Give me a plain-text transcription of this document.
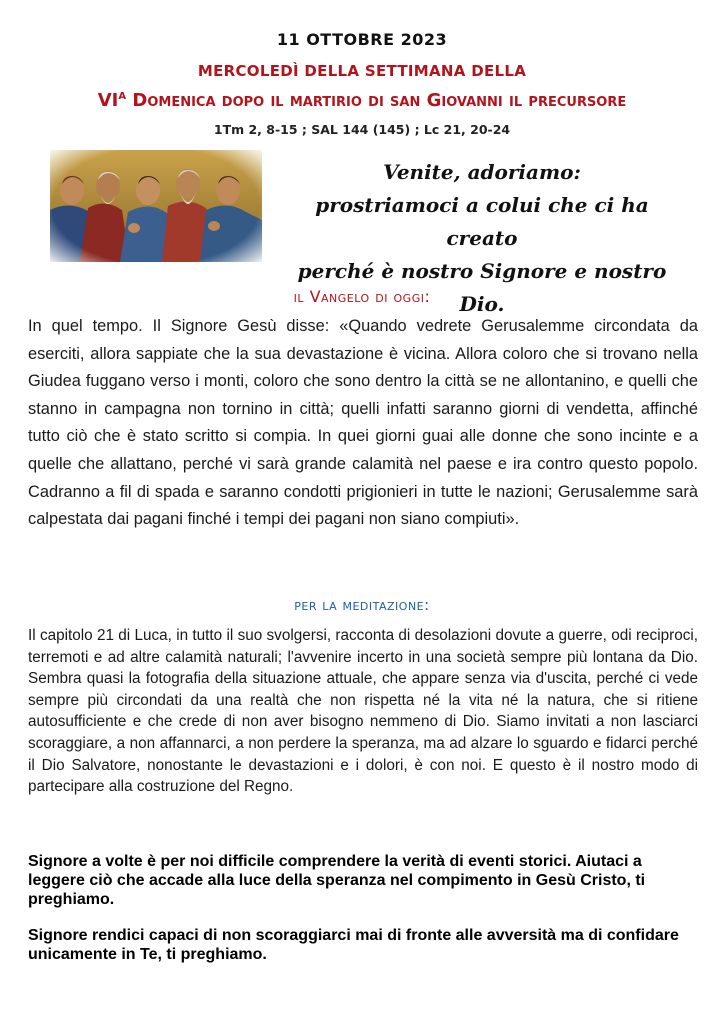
11 OTTOBRE 2023
MERCOLEDÌ DELLA SETTIMANA DELLA
$VI^A$ Domenica dopo il martirio di san Giovanni il precursore
1Tm 2, 8-15 ; SAL 144 (145) ; Lc 21, 20-24
Venite, adoriamo:
prostriamoci a colui che ci ha creato
perché è nostro Signore e nostro Dio.
il Vangelo di oggi:
In quel tempo. Il Signore Gesù disse: «Quando vedrete Gerusalemme circondata da eserciti, allora sappiate che la sua devastazione è vicina. Allora coloro che si trovano nella Giudea fuggano verso i monti, coloro che sono dentro la città se ne allontanino, e quelli che stanno in campagna non tornino in città; quelli infatti saranno giorni di vendetta, affinché tutto ciò che è stato scritto si compia. In quei giorni guai alle donne che sono incinte e a quelle che allattano, perché vi sarà grande calamità nel paese e ira contro questo popolo. Cadranno a fil di spada e saranno condotti prigionieri in tutte le nazioni; Gerusalemme sarà calpestata dai pagani finché i tempi dei pagani non siano compiuti».
per la meditazione:
Il capitolo 21 di Luca, in tutto il suo svolgersi, racconta di desolazioni dovute a guerre, odi reciproci, terremoti e ad altre calamità naturali; l'avvenire incerto in una società sempre più lontana da Dio. Sembra quasi la fotografia della situazione attuale, che appare senza via d'uscita, perché ci vede sempre più circondati da una realtà che non rispetta né la vita né la natura, che si ritiene autosufficiente e che crede di non aver bisogno nemmeno di Dio. Siamo invitati a non lasciarci scoraggiare, a non affannarci, a non perdere la speranza, ma ad alzare lo sguardo e fidarci perché il Dio Salvatore, nonostante le devastazioni e i dolori, è con noi. E questo è il nostro modo di partecipare alla costruzione del Regno.
Signore a volte è per noi difficile comprendere la verità di eventi storici. Aiutaci a leggere ciò che accade alla luce della speranza nel compimento in Gesù Cristo, ti preghiamo.
Signore rendici capaci di non scoraggiarci mai di fronte alle avversità ma di confidare unicamente in Te, ti preghiamo.
